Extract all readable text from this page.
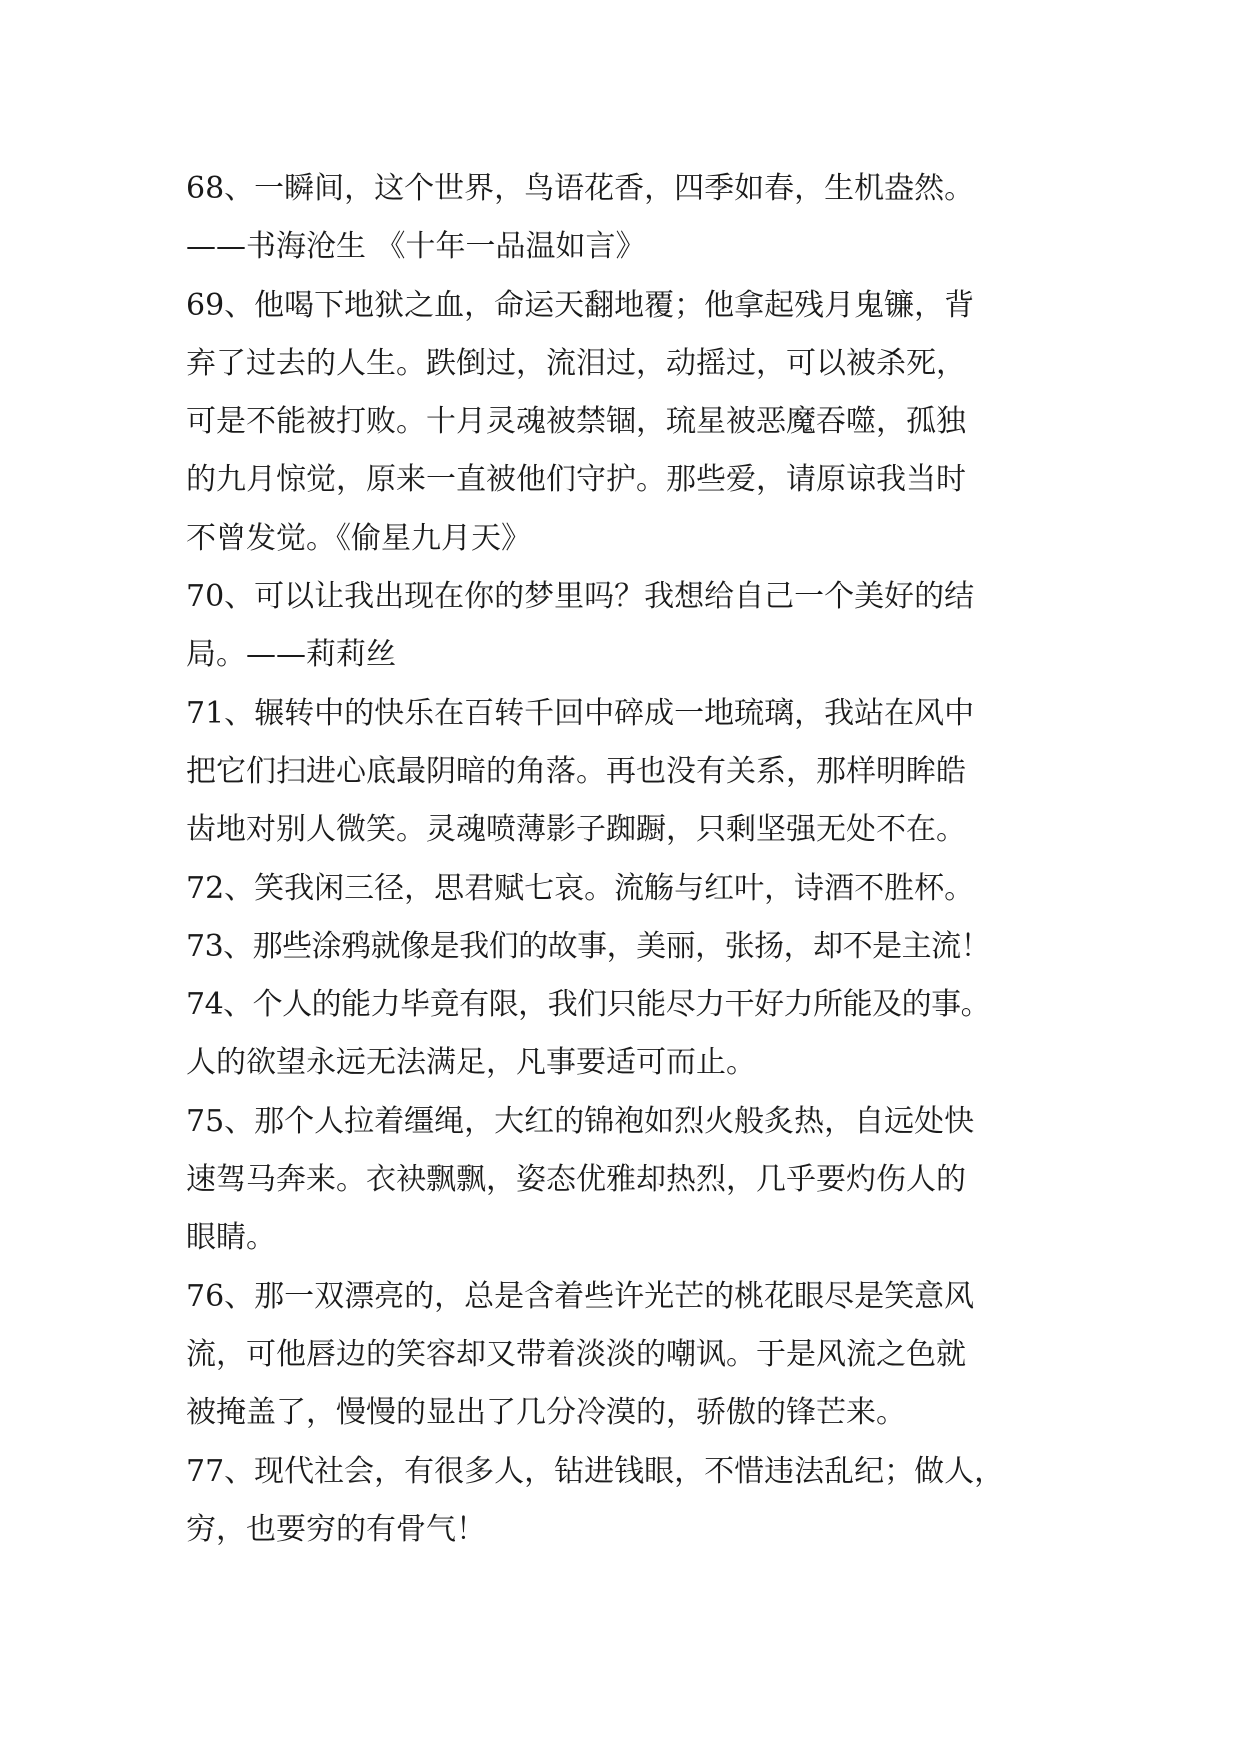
68、一瞬间，这个世界，鸟语花香，四季如春，生机盎然。
——书海沧生 《十年一品温如言》
69、他喝下地狱之血，命运天翻地覆；他拿起残月鬼镰，背
弃了过去的人生。跌倒过，流泪过，动摇过，可以被杀死，
可是不能被打败。十月灵魂被禁锢，琉星被恶魔吞噬，孤独
的九月惊觉，原来一直被他们守护。那些爱，请原谅我当时
不曾发觉。《偷星九月天》
70、可以让我出现在你的梦里吗？我想给自己一个美好的结
局。——莉莉丝
71、辗转中的快乐在百转千回中碎成一地琉璃，我站在风中
把它们扫进心底最阴暗的角落。再也没有关系，那样明眸皓
齿地对别人微笑。灵魂喷薄影子踟蹰，只剩坚强无处不在。
72、笑我闲三径，思君赋七哀。流觞与红叶，诗酒不胜杯。
73、那些涂鸦就像是我们的故事，美丽，张扬，却不是主流！
74、个人的能力毕竟有限，我们只能尽力干好力所能及的事。
人的欲望永远无法满足，凡事要适可而止。
75、那个人拉着缰绳，大红的锦袍如烈火般炙热，自远处快
速驾马奔来。衣袂飘飘，姿态优雅却热烈，几乎要灼伤人的
眼睛。
76、那一双漂亮的，总是含着些许光芒的桃花眼尽是笑意风
流，可他唇边的笑容却又带着淡淡的嘲讽。于是风流之色就
被掩盖了，慢慢的显出了几分冷漠的，骄傲的锋芒来。
77、现代社会，有很多人，钻进钱眼，不惜违法乱纪；做人，
穷，也要穷的有骨气！
